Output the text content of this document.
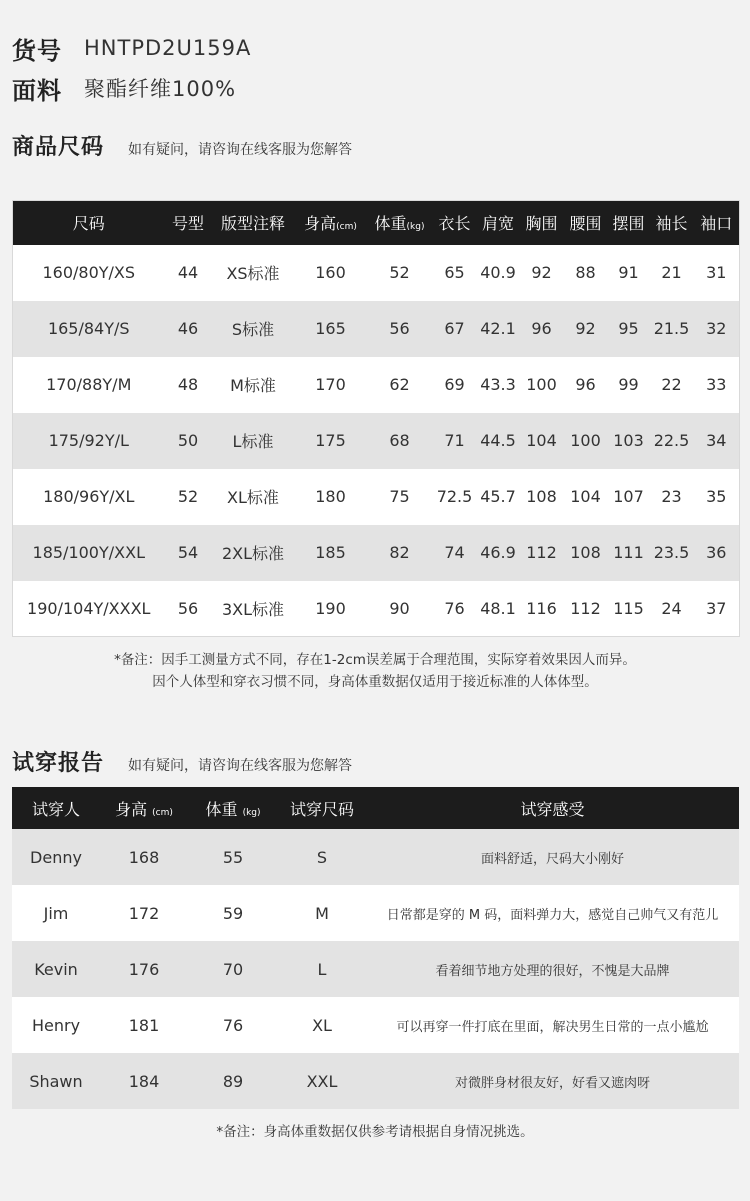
货号	HNTPD2U159A
面料	聚酯纤维100%
商品尺码 如有疑问，请咨询在线客服为您解答
尺码	号型	版型注释	身高(cm)	体重(kg)	衣长	肩宽	胸围	腰围	摆围	袖长	袖口
160/80Y/XS	44	XS标准	160	52	65	40.9	92	88	91	21	31
165/84Y/S	46	S标准	165	56	67	42.1	96	92	95	21.5	32
170/88Y/M	48	M标准	170	62	69	43.3	100	96	99	22	33
175/92Y/L	50	L标准	175	68	71	44.5	104	100	103	22.5	34
180/96Y/XL	52	XL标准	180	75	72.5	45.7	108	104	107	23	35
185/100Y/XXL	54	2XL标准	185	82	74	46.9	112	108	111	23.5	36
190/104Y/XXXL	56	3XL标准	190	90	76	48.1	116	112	115	24	37
*备注：因手工测量方式不同，存在1-2cm误差属于合理范围，实际穿着效果因人而异。
因个人体型和穿衣习惯不同，身高体重数据仅适用于接近标准的人体体型。
试穿报告 如有疑问，请咨询在线客服为您解答
试穿人	身高 (cm)	体重 (kg)	试穿尺码	试穿感受
Denny	168	55	S	面料舒适，尺码大小刚好
Jim	172	59	M	日常都是穿的 M 码，面料弹力大，感觉自己帅气又有范儿
Kevin	176	70	L	看着细节地方处理的很好，不愧是大品牌
Henry	181	76	XL	可以再穿一件打底在里面，解决男生日常的一点小尴尬
Shawn	184	89	XXL	对微胖身材很友好，好看又遮肉呀
*备注：身高体重数据仅供参考请根据自身情况挑选。
